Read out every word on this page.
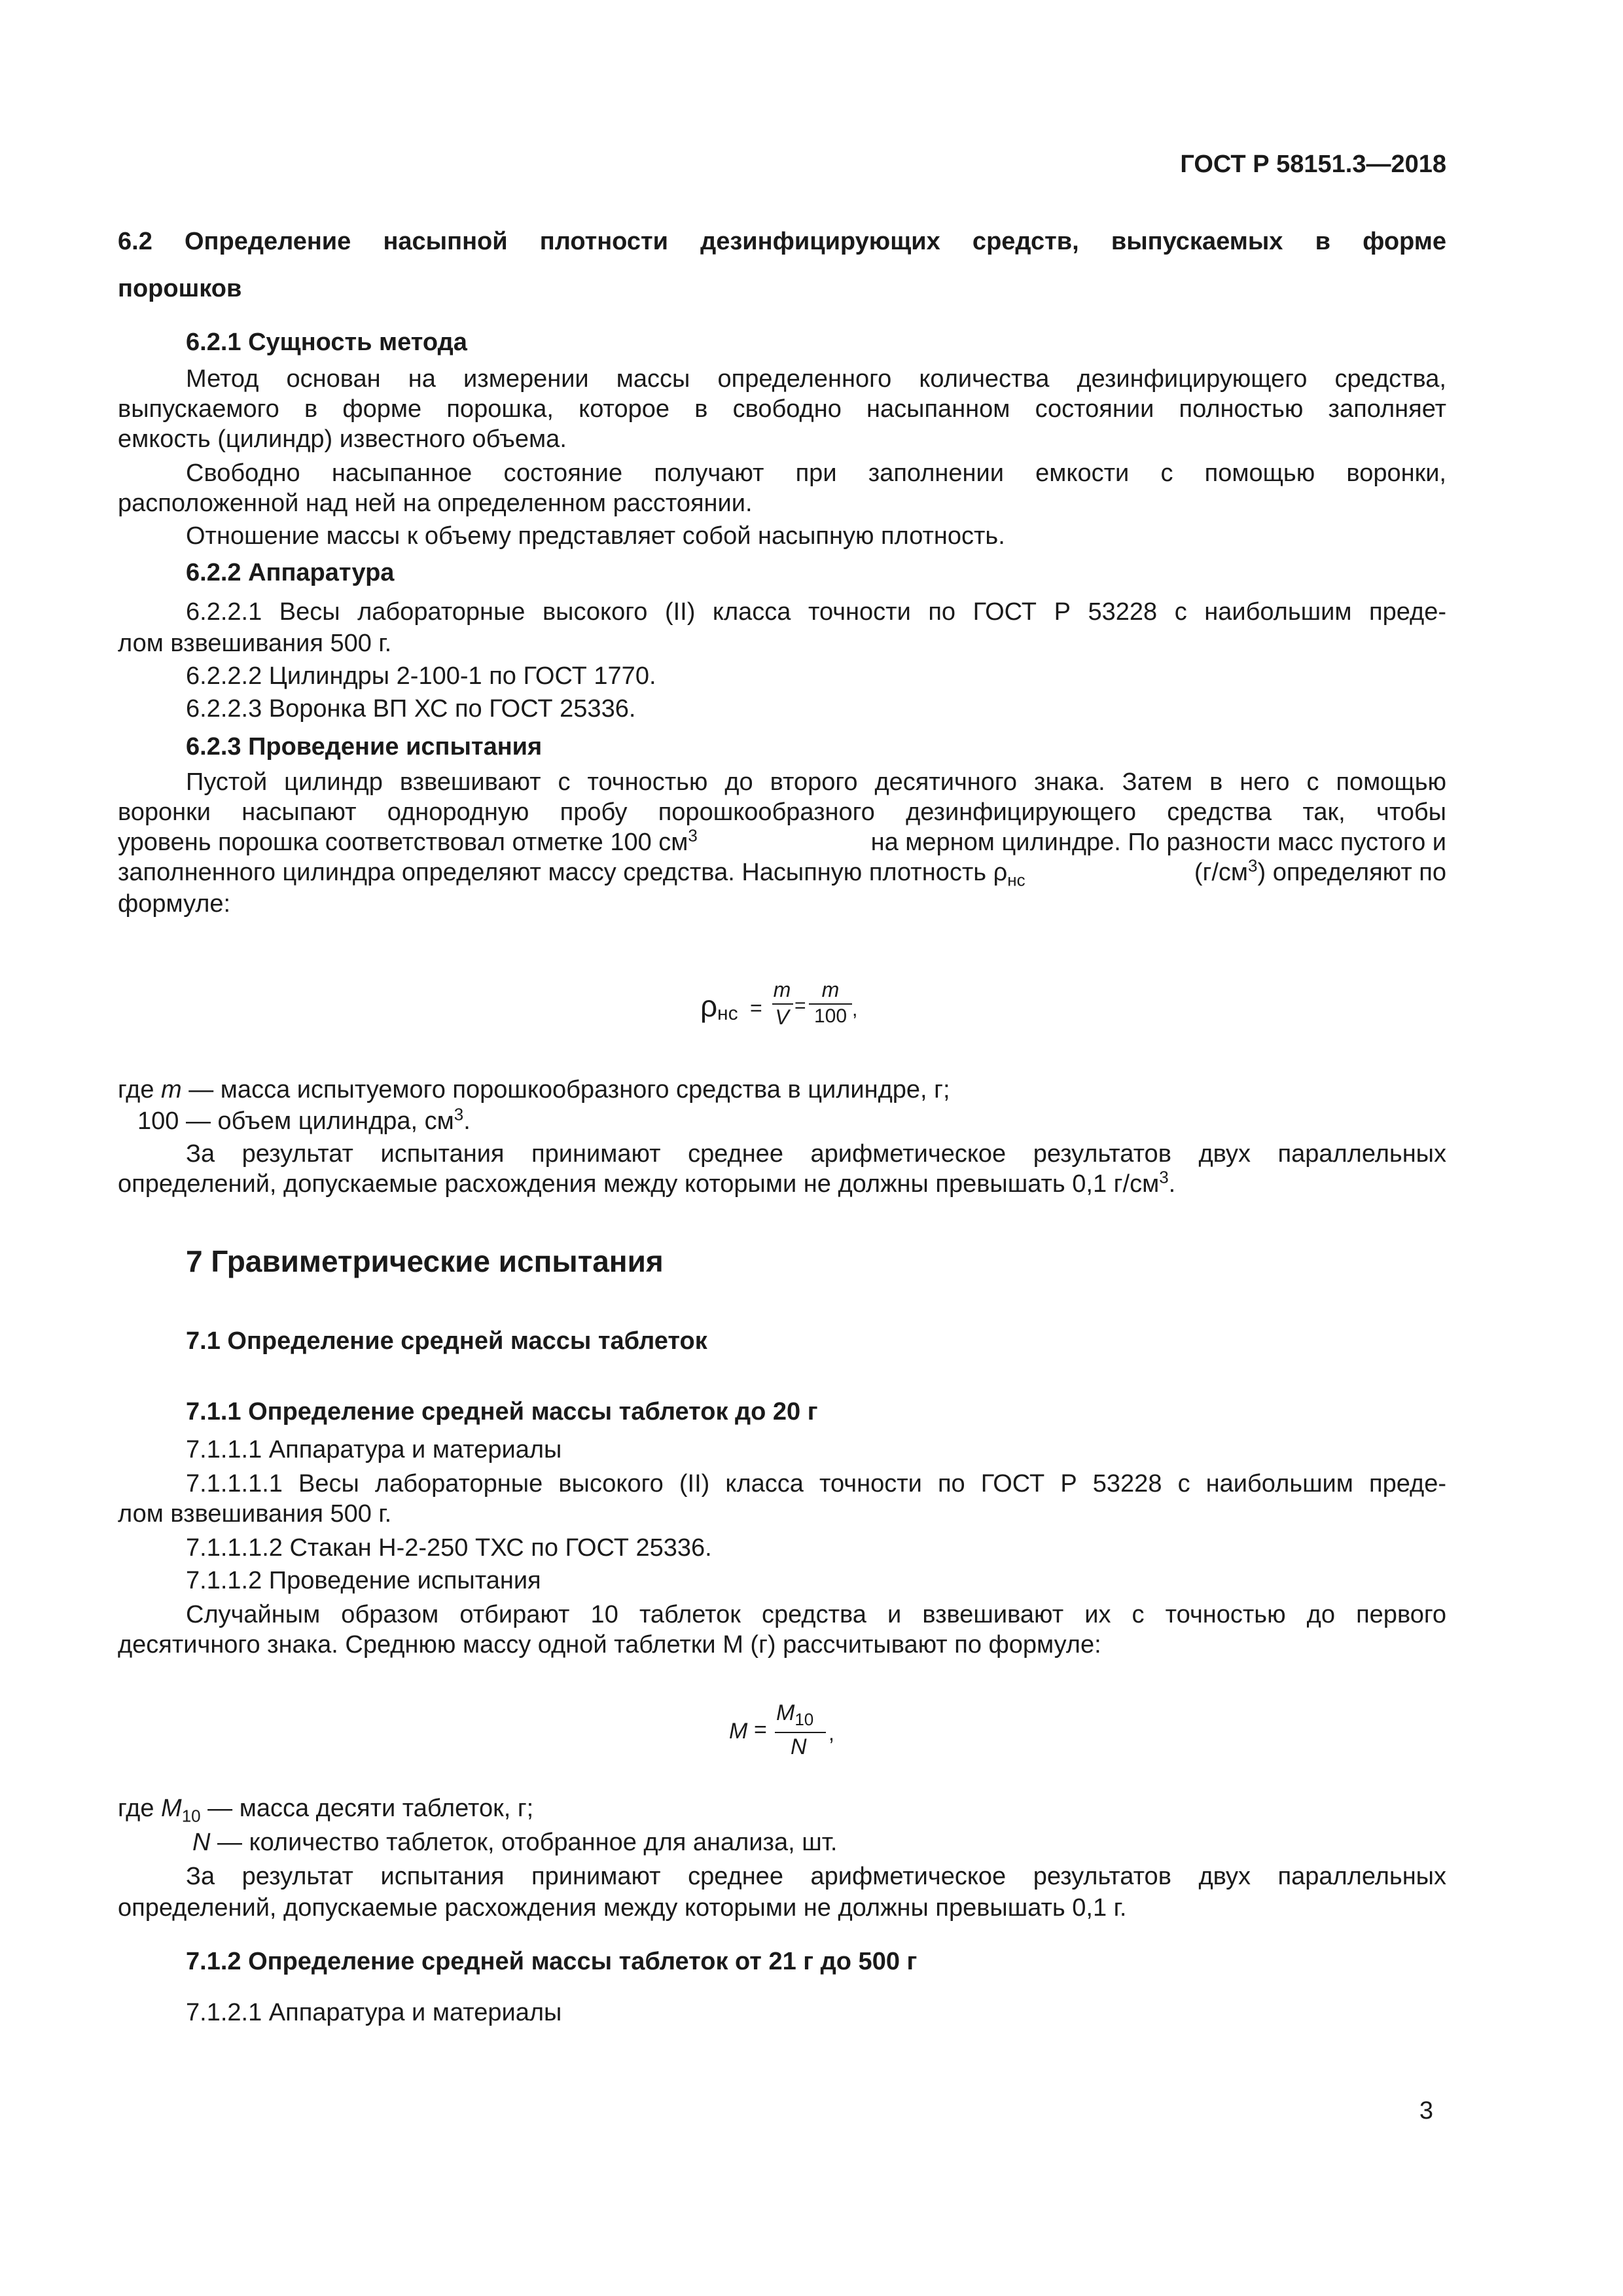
ГОСТ Р 58151.3—2018
6.2 Определение насыпной плотности дезинфицирующих средств, выпускаемых в форме
порошков
6.2.1 Сущность метода
Метод основан на измерении массы определенного количества дезинфицирующего средства,
выпускаемого в форме порошка, которое в свободно насыпанном состоянии полностью заполняет
емкость (цилиндр) известного объема.
Свободно насыпанное состояние получают при заполнении емкости с помощью воронки,
расположенной над ней на определенном расстоянии.
Отношение массы к объему представляет собой насыпную плотность.
6.2.2 Аппаратура
6.2.2.1 Весы лабораторные высокого (II) класса точности по ГОСТ Р 53228 с наибольшим преде-
лом взвешивания 500 г.
6.2.2.2 Цилиндры 2-100-1 по ГОСТ 1770.
6.2.2.3 Воронка ВП ХС по ГОСТ 25336.
6.2.3 Проведение испытания
Пустой цилиндр взвешивают с точностью до второго десятичного знака. Затем в него с помощью
воронки насыпают однородную пробу порошкообразного дезинфицирующего средства так, чтобы
уровень порошка соответствовал отметке 100 $см^3$	на мерном цилиндре. По разности масс пустого и
заполненного цилиндра определяют массу средства. Насыпную плотность $\rho_{нс}$	$(г/см^3)$ определяют по
формуле:
ρ нс =
m
V =
m
100 ,
где m — масса испытуемого порошкообразного средства в цилиндре, г;
100 — объем цилиндра, $см^3$.
За результат испытания принимают среднее арифметическое результатов двух параллельных
определений, допускаемые расхождения между которыми не должны превышать 0,1 $г/см^3$.
7 Гравиметрические испытания
7.1 Определение средней массы таблеток
7.1.1 Определение средней массы таблеток до 20 г
7.1.1.1 Аппаратура и материалы
7.1.1.1.1 Весы лабораторные высокого (II) класса точности по ГОСТ Р 53228 с наибольшим преде-
лом взвешивания 500 г.
7.1.1.1.2 Стакан Н-2-250 ТХС по ГОСТ 25336.
7.1.1.2 Проведение испытания
Случайным образом отбирают 10 таблеток средства и взвешивают их с точностью до первого
десятичного знака. Среднюю массу одной таблетки М (г) рассчитывают по формуле:
M =
$M_{10}$
N
,
где $M_{10}$ — масса десяти таблеток, г;
N — количество таблеток, отобранное для анализа, шт.
За результат испытания принимают среднее арифметическое результатов двух параллельных
определений, допускаемые расхождения между которыми не должны превышать 0,1 г.
7.1.2 Определение средней массы таблеток от 21 г до 500 г
7.1.2.1 Аппаратура и материалы
3
